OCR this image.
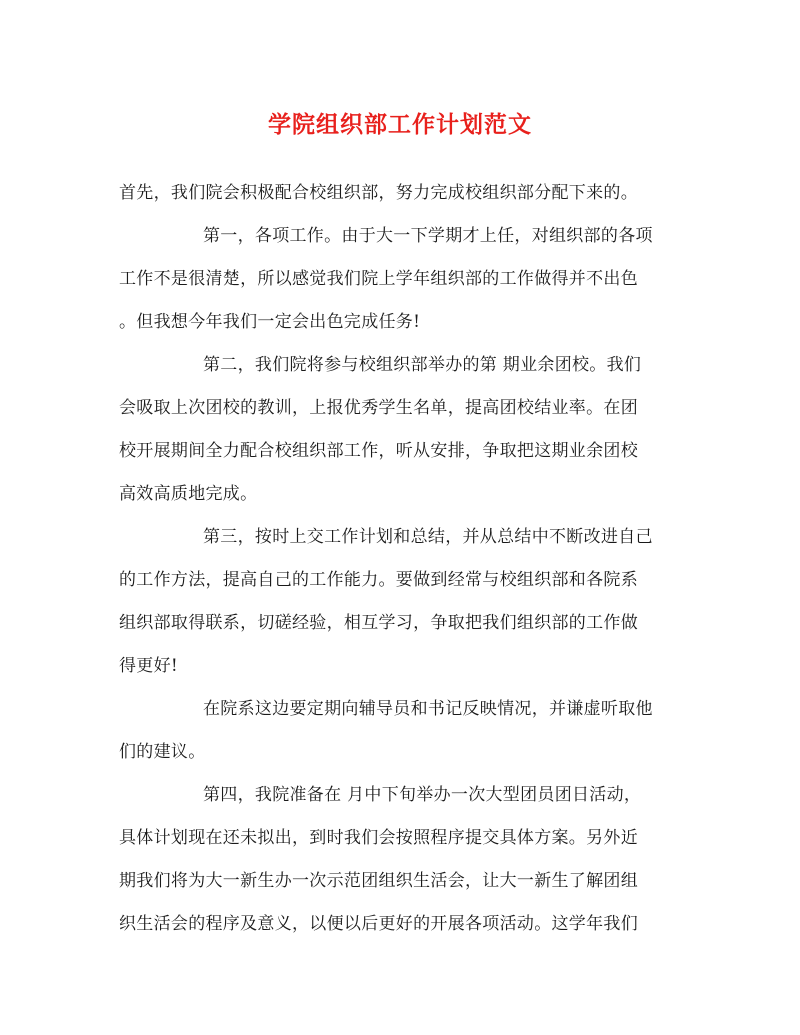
学院组织部工作计划范文
首先，我们院会积极配合校组织部，努力完成校组织部分配下来的。
第一，各项工作。由于大一下学期才上任，对组织部的各项
工作不是很清楚，所以感觉我们院上学年组织部的工作做得并不出色
。但我想今年我们一定会出色完成任务!
第二，我们院将参与校组织部举办的第 期业余团校。我们
会吸取上次团校的教训，上报优秀学生名单，提高团校结业率。在团
校开展期间全力配合校组织部工作，听从安排，争取把这期业余团校
高效高质地完成。
第三，按时上交工作计划和总结，并从总结中不断改进自己
的工作方法，提高自己的工作能力。要做到经常与校组织部和各院系
组织部取得联系，切磋经验，相互学习，争取把我们组织部的工作做
得更好!
在院系这边要定期向辅导员和书记反映情况，并谦虚听取他
们的建议。
第四，我院准备在 月中下旬举办一次大型团员团日活动，
具体计划现在还未拟出，到时我们会按照程序提交具体方案。另外近
期我们将为大一新生办一次示范团组织生活会，让大一新生了解团组
织生活会的程序及意义，以便以后更好的开展各项活动。这学年我们
